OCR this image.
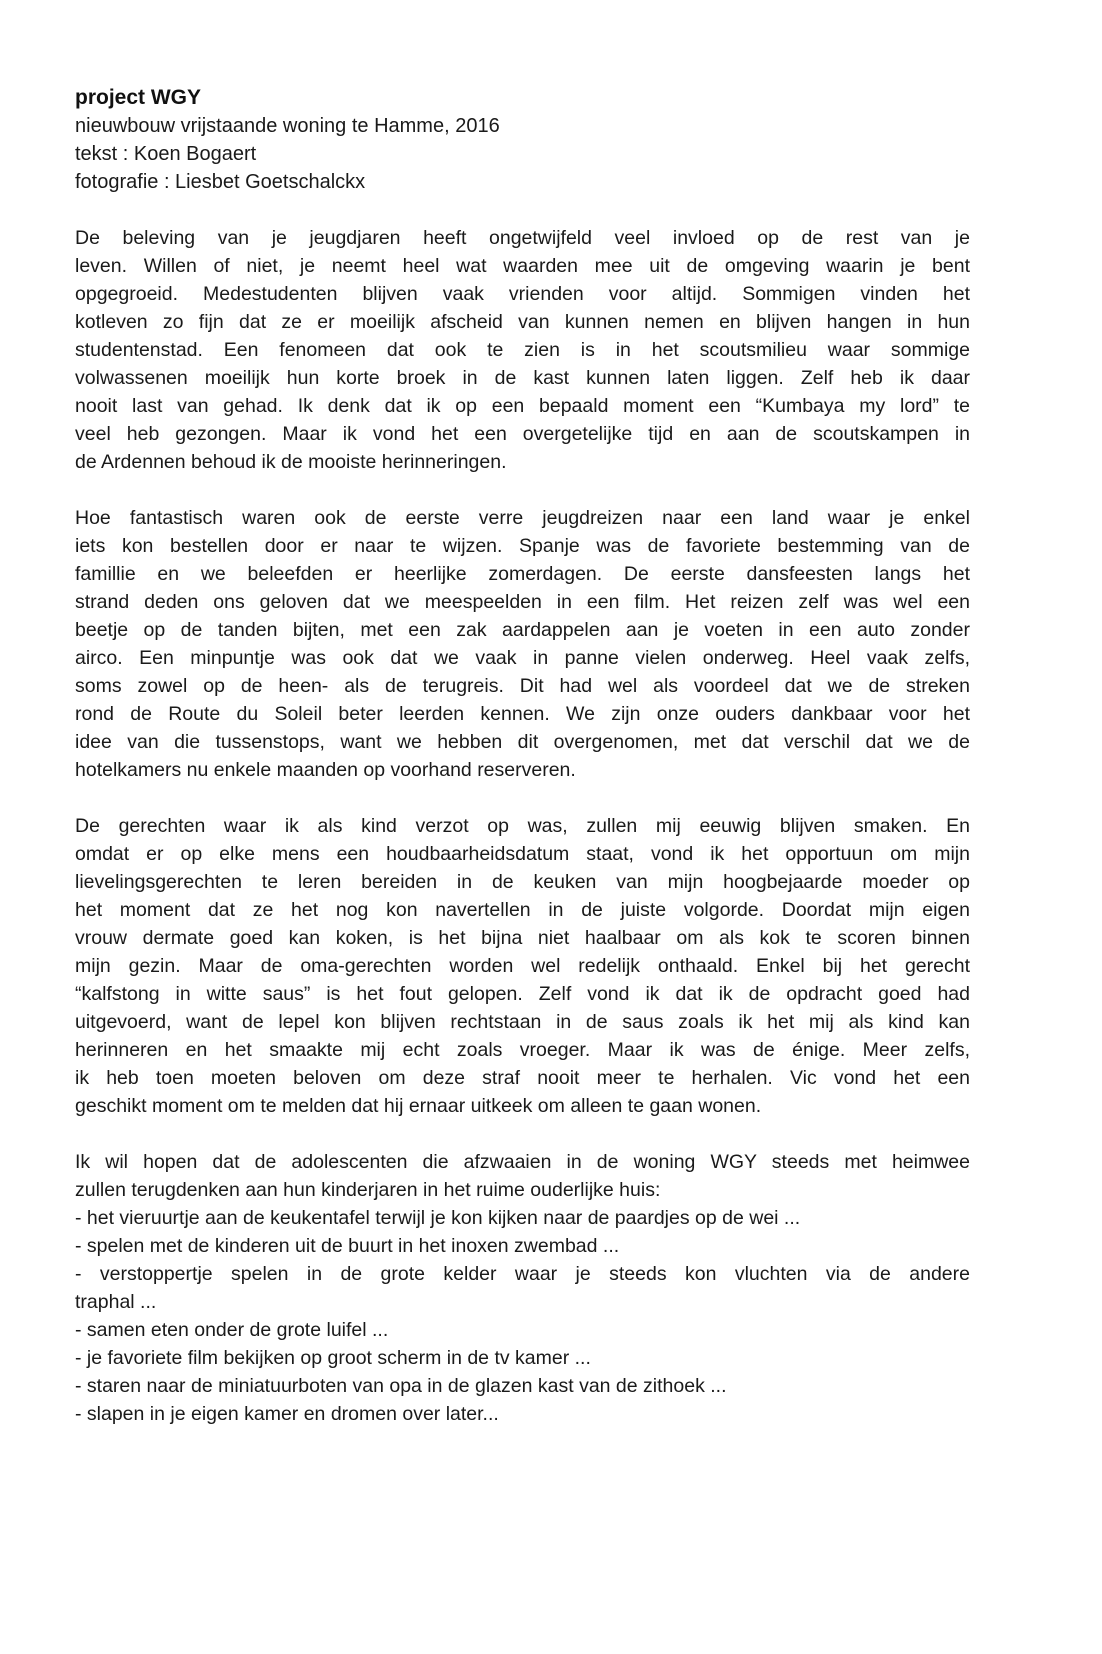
project WGY
nieuwbouw vrijstaande woning te Hamme, 2016
tekst : Koen Bogaert
fotografie : Liesbet Goetschalckx
De beleving van je jeugdjaren heeft ongetwijfeld veel invloed op de rest van je
leven. Willen of niet, je neemt heel wat waarden mee uit de omgeving waarin je bent
opgegroeid. Medestudenten blijven vaak vrienden voor altijd. Sommigen vinden het
kotleven zo fijn dat ze er moeilijk afscheid van kunnen nemen en blijven hangen in hun
studentenstad. Een fenomeen dat ook te zien is in het scoutsmilieu waar sommige
volwassenen moeilijk hun korte broek in de kast kunnen laten liggen. Zelf heb ik daar
nooit last van gehad. Ik denk dat ik op een bepaald moment een “Kumbaya my lord” te
veel heb gezongen. Maar ik vond het een overgetelijke tijd en aan de scoutskampen in
de Ardennen behoud ik de mooiste herinneringen.
Hoe fantastisch waren ook de eerste verre jeugdreizen naar een land waar je enkel
iets kon bestellen door er naar te wijzen. Spanje was de favoriete bestemming van de
famillie en we beleefden er heerlijke zomerdagen. De eerste dansfeesten langs het
strand deden ons geloven dat we meespeelden in een film. Het reizen zelf was wel een
beetje op de tanden bijten, met een zak aardappelen aan je voeten in een auto zonder
airco. Een minpuntje was ook dat we vaak in panne vielen onderweg. Heel vaak zelfs,
soms zowel op de heen- als de terugreis. Dit had wel als voordeel dat we de streken
rond de Route du Soleil beter leerden kennen. We zijn onze ouders dankbaar voor het
idee van die tussenstops, want we hebben dit overgenomen, met dat verschil dat we de
hotelkamers nu enkele maanden op voorhand reserveren.
De gerechten waar ik als kind verzot op was, zullen mij eeuwig blijven smaken. En
omdat er op elke mens een houdbaarheidsdatum staat, vond ik het opportuun om mijn
lievelingsgerechten te leren bereiden in de keuken van mijn hoogbejaarde moeder op
het moment dat ze het nog kon navertellen in de juiste volgorde. Doordat mijn eigen
vrouw dermate goed kan koken, is het bijna niet haalbaar om als kok te scoren binnen
mijn gezin. Maar de oma-gerechten worden wel redelijk onthaald. Enkel bij het gerecht
“kalfstong in witte saus” is het fout gelopen. Zelf vond ik dat ik de opdracht goed had
uitgevoerd, want de lepel kon blijven rechtstaan in de saus zoals ik het mij als kind kan
herinneren en het smaakte mij echt zoals vroeger. Maar ik was de énige. Meer zelfs,
ik heb toen moeten beloven om deze straf nooit meer te herhalen. Vic vond het een
geschikt moment om te melden dat hij ernaar uitkeek om alleen te gaan wonen.
Ik wil hopen dat de adolescenten die afzwaaien in de woning WGY steeds met heimwee
zullen terugdenken aan hun kinderjaren in het ruime ouderlijke huis:
- het vieruurtje aan de keukentafel terwijl je kon kijken naar de paardjes op de wei ...
- spelen met de kinderen uit de buurt in het inoxen zwembad ...
- verstoppertje spelen in de grote kelder waar je steeds kon vluchten via de andere
traphal ...
- samen eten onder de grote luifel ...
- je favoriete film bekijken op groot scherm in de tv kamer ...
- staren naar de miniatuurboten van opa in de glazen kast van de zithoek ...
- slapen in je eigen kamer en dromen over later...
